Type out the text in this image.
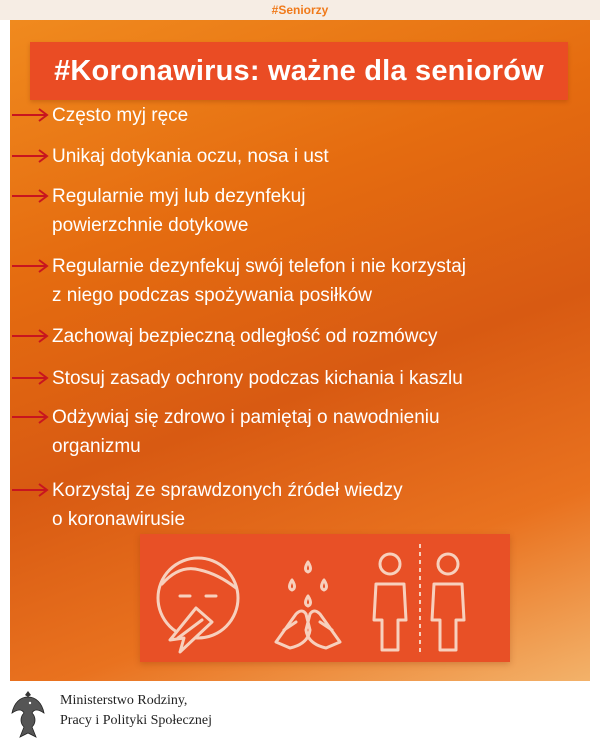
#Seniorzy
#Koronawirus: ważne dla seniorów
Często myj ręce
Unikaj dotykania oczu, nosa i ust
Regularnie myj lub dezynfekuj
powierzchnie dotykowe
Regularnie dezynfekuj swój telefon i nie korzystaj
z niego podczas spożywania posiłków
Zachowaj bezpieczną odległość od rozmówcy
Stosuj zasady ochrony podczas kichania i kaszlu
Odżywiaj się zdrowo i pamiętaj o nawodnieniu
organizmu
Korzystaj ze sprawdzonych źródeł wiedzy
o koronawirusie
Ministerstwo Rodziny,
Pracy i Polityki Społecznej
